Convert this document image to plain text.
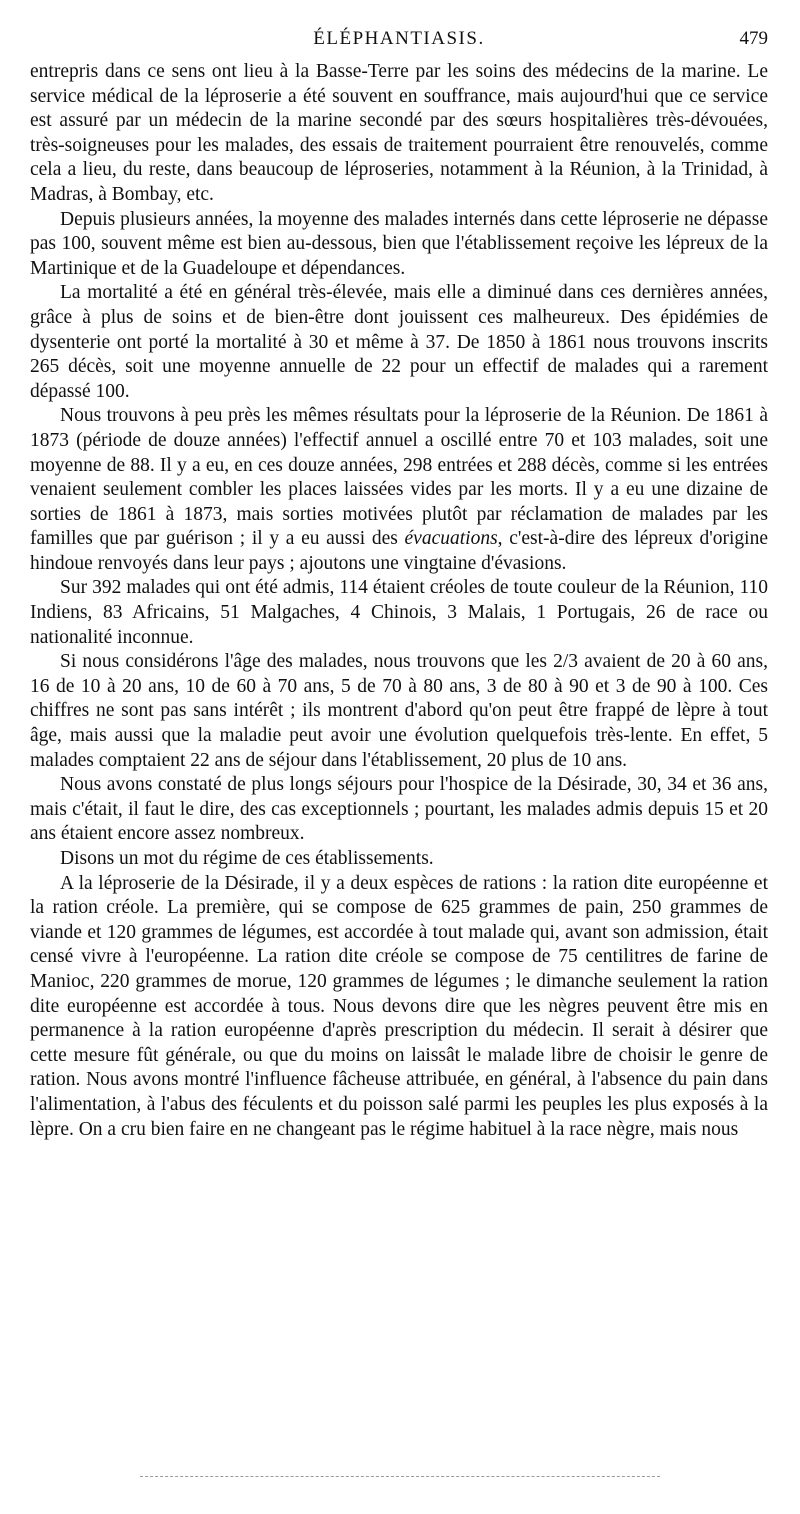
ÉLÉPHANTIASIS.	479

entrepris dans ce sens ont lieu à la Basse-Terre par les soins des médecins de la marine. Le service médical de la léproserie a été souvent en souffrance, mais aujourd'hui que ce service est assuré par un médecin de la marine secondé par des sœurs hospitalières très-dévouées, très-soigneuses pour les malades, des essais de traitement pourraient être renouvelés, comme cela a lieu, du reste, dans beaucoup de léproseries, notamment à la Réunion, à la Trinidad, à Madras, à Bombay, etc.

Depuis plusieurs années, la moyenne des malades internés dans cette léproserie ne dépasse pas 100, souvent même est bien au-dessous, bien que l'établissement reçoive les lépreux de la Martinique et de la Guadeloupe et dépendances.

La mortalité a été en général très-élevée, mais elle a diminué dans ces dernières années, grâce à plus de soins et de bien-être dont jouissent ces malheureux. Des épidémies de dysenterie ont porté la mortalité à 30 et même à 37. De 1850 à 1861 nous trouvons inscrits 265 décès, soit une moyenne annuelle de 22 pour un effectif de malades qui a rarement dépassé 100.

Nous trouvons à peu près les mêmes résultats pour la léproserie de la Réunion. De 1861 à 1873 (période de douze années) l'effectif annuel a oscillé entre 70 et 103 malades, soit une moyenne de 88. Il y a eu, en ces douze années, 298 entrées et 288 décès, comme si les entrées venaient seulement combler les places laissées vides par les morts. Il y a eu une dizaine de sorties de 1861 à 1873, mais sorties motivées plutôt par réclamation de malades par les familles que par guérison ; il y a eu aussi des évacuations, c'est-à-dire des lépreux d'origine hindoue renvoyés dans leur pays ; ajoutons une vingtaine d'évasions.

Sur 392 malades qui ont été admis, 114 étaient créoles de toute couleur de la Réunion, 110 Indiens, 83 Africains, 51 Malgaches, 4 Chinois, 3 Malais, 1 Portugais, 26 de race ou nationalité inconnue.

Si nous considérons l'âge des malades, nous trouvons que les 2/3 avaient de 20 à 60 ans, 16 de 10 à 20 ans, 10 de 60 à 70 ans, 5 de 70 à 80 ans, 3 de 80 à 90 et 3 de 90 à 100. Ces chiffres ne sont pas sans intérêt ; ils montrent d'abord qu'on peut être frappé de lèpre à tout âge, mais aussi que la maladie peut avoir une évolution quelquefois très-lente. En effet, 5 malades comptaient 22 ans de séjour dans l'établissement, 20 plus de 10 ans.

Nous avons constaté de plus longs séjours pour l'hospice de la Désirade, 30, 34 et 36 ans, mais c'était, il faut le dire, des cas exceptionnels ; pourtant, les malades admis depuis 15 et 20 ans étaient encore assez nombreux.

Disons un mot du régime de ces établissements.

A la léproserie de la Désirade, il y a deux espèces de rations : la ration dite européenne et la ration créole. La première, qui se compose de 625 grammes de pain, 250 grammes de viande et 120 grammes de légumes, est accordée à tout malade qui, avant son admission, était censé vivre à l'européenne. La ration dite créole se compose de 75 centilitres de farine de Manioc, 220 grammes de morue, 120 grammes de légumes ; le dimanche seulement la ration dite européenne est accordée à tous. Nous devons dire que les nègres peuvent être mis en permanence à la ration européenne d'après prescription du médecin. Il serait à désirer que cette mesure fût générale, ou que du moins on laissât le malade libre de choisir le genre de ration. Nous avons montré l'influence fâcheuse attribuée, en général, à l'absence du pain dans l'alimentation, à l'abus des féculents et du poisson salé parmi les peuples les plus exposés à la lèpre. On a cru bien faire en ne changeant pas le régime habituel à la race nègre, mais nous
